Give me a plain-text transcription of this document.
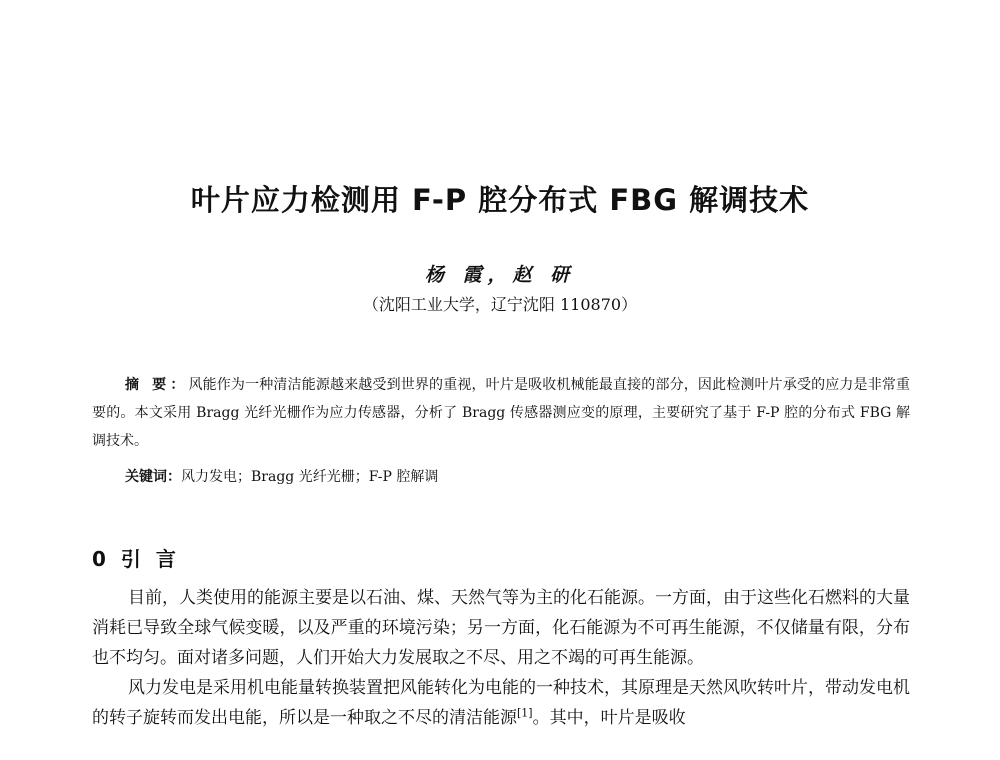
叶片应力检测用 F-P 腔分布式 FBG 解调技术
杨 霞，赵 研
（沈阳工业大学，辽宁沈阳 110870）
摘 要：风能作为一种清洁能源越来越受到世界的重视，叶片是吸收机械能最直接的部分，因此检测叶片承受的应力是非常重要的。本文采用 Bragg 光纤光栅作为应力传感器，分析了 Bragg 传感器测应变的原理，主要研究了基于 F-P 腔的分布式 FBG 解调技术。
关键词：风力发电；Bragg 光纤光栅；F-P 腔解调
0 引 言

目前，人类使用的能源主要是以石油、煤、天然气等为主的化石能源。一方面，由于这些化石燃料的大量消耗已导致全球气候变暖，以及严重的环境污染；另一方面，化石能源为不可再生能源，不仅储量有限，分布也不均匀。面对诸多问题，人们开始大力发展取之不尽、用之不竭的可再生能源。

风力发电是采用机电能量转换装置把风能转化为电能的一种技术，其原理是天然风吹转叶片，带动发电机的转子旋转而发出电能，所以是一种取之不尽的清洁能源[1]。其中，叶片是吸收
